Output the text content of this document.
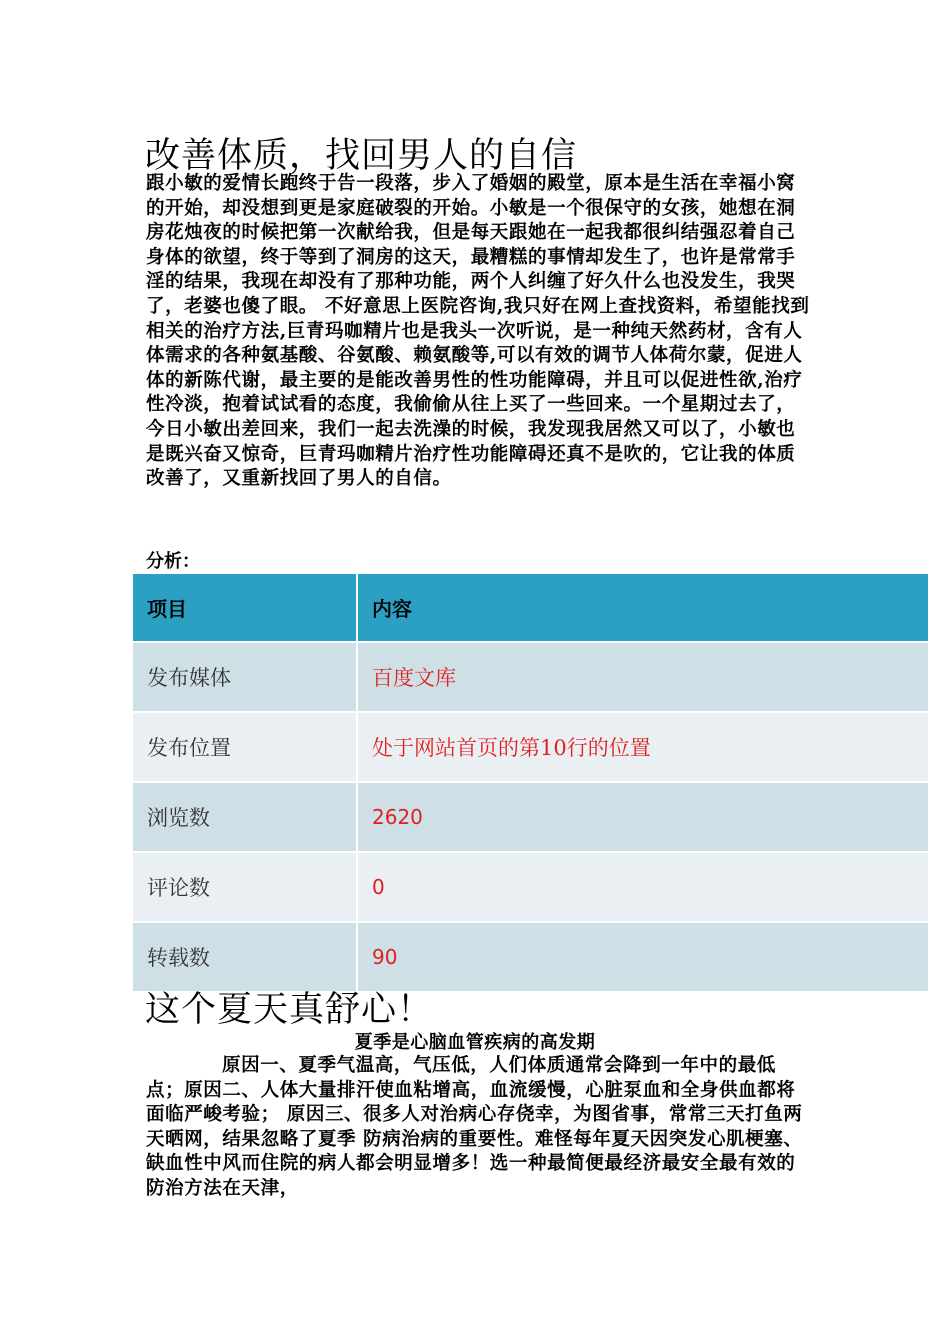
改善体质，找回男人的自信
跟小敏的爱情长跑终于告一段落，步入了婚姻的殿堂，原本是生活在幸福小窝的开始，却没想到更是家庭破裂的开始。小敏是一个很保守的女孩，她想在洞房花烛夜的时候把第一次献给我，但是每天跟她在一起我都很纠结强忍着自己身体的欲望，终于等到了洞房的这天，最糟糕的事情却发生了，也许是常常手淫的结果，我现在却没有了那种功能，两个人纠缠了好久什么也没发生，我哭了，老婆也傻了眼。 不好意思上医院咨询,我只好在网上查找资料，希望能找到相关的治疗方法,巨青玛咖精片也是我头一次听说，是一种纯天然药材，含有人体需求的各种氨基酸、谷氨酸、赖氨酸等,可以有效的调节人体荷尔蒙，促进人体的新陈代谢，最主要的是能改善男性的性功能障碍，并且可以促进性欲,治疗性冷淡，抱着试试看的态度，我偷偷从往上买了一些回来。一个星期过去了，今日小敏出差回来，我们一起去洗澡的时候，我发现我居然又可以了，小敏也是既兴奋又惊奇，巨青玛咖精片治疗性功能障碍还真不是吹的，它让我的体质改善了，又重新找回了男人的自信。
分析：
项目	内容
发布媒体	百度文库
发布位置	处于网站首页的第10行的位置
浏览数	2620
评论数	0
转载数	90
这个夏天真舒心！
夏季是心脑血管疾病的高发期
原因一、夏季气温高，气压低，人们体质通常会降到一年中的最低点；原因二、人体大量排汗使血粘增高，血流缓慢，心脏泵血和全身供血都将面临严峻考验； 原因三、很多人对治病心存侥幸，为图省事，常常三天打鱼两天晒网，结果忽略了夏季 防病治病的重要性。难怪每年夏天因突发心肌梗塞、缺血性中风而住院的病人都会明显增多！选一种最简便最经济最安全最有效的防治方法在天津，
